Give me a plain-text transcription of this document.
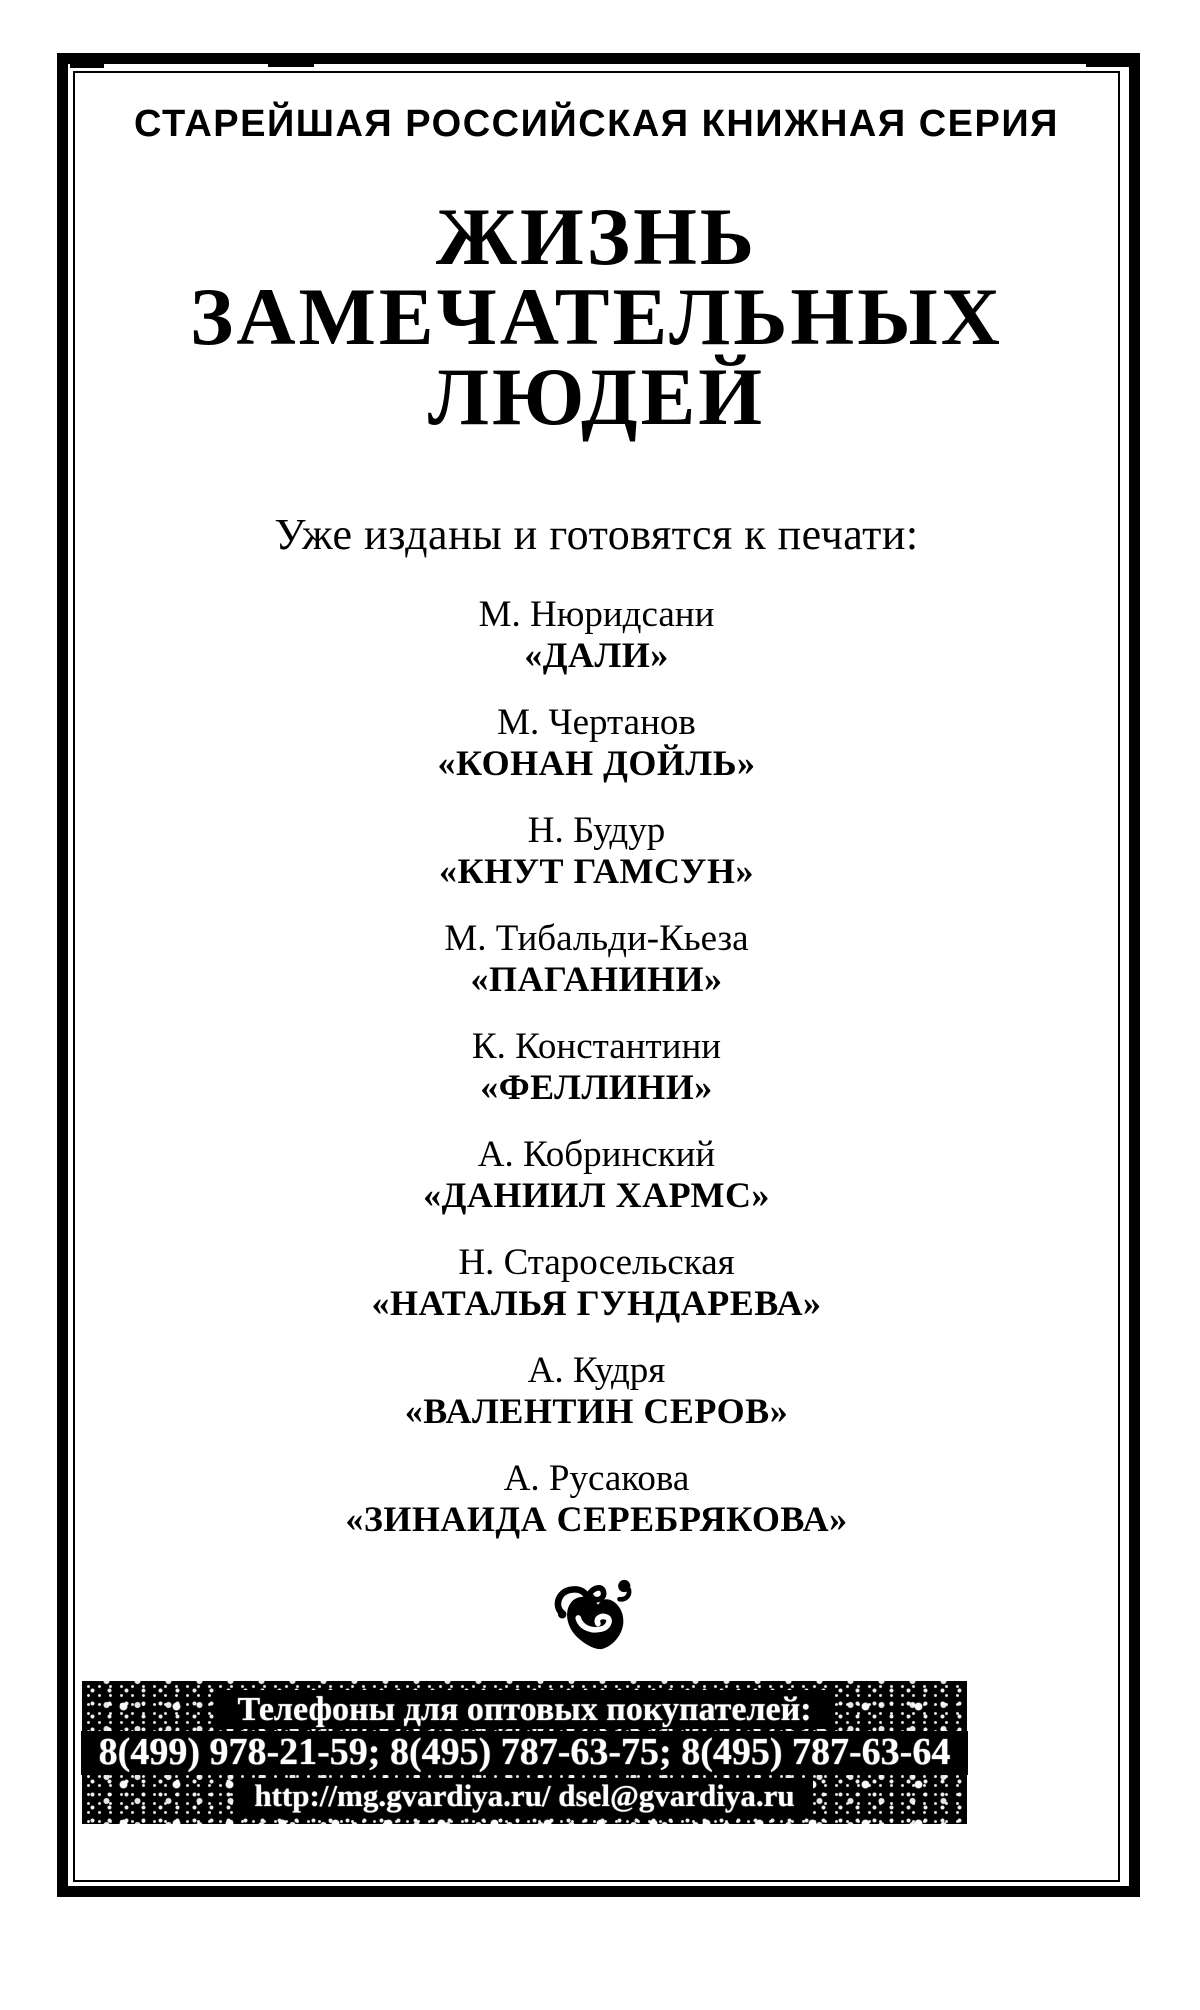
СТАРЕЙШАЯ РОССИЙСКАЯ КНИЖНАЯ СЕРИЯ
ЖИЗНЬ
ЗАМЕЧАТЕЛЬНЫХ
ЛЮДЕЙ
Уже изданы и готовятся к печати:
М. Нюридсани
«ДАЛИ»
М. Чертанов
«КОНАН ДОЙЛЬ»
Н. Будур
«КНУТ ГАМСУН»
М. Тибальди-Кьеза
«ПАГАНИНИ»
К. Константини
«ФЕЛЛИНИ»
А. Кобринский
«ДАНИИЛ ХАРМС»
Н. Старосельская
«НАТАЛЬЯ ГУНДАРЕВА»
А. Кудря
«ВАЛЕНТИН СЕРОВ»
А. Русакова
«ЗИНАИДА СЕРЕБРЯКОВА»
Телефоны для оптовых покупателей:
8(499) 978-21-59; 8(495) 787-63-75; 8(495) 787-63-64
http://mg.gvardiya.ru/ dsel@gvardiya.ru
